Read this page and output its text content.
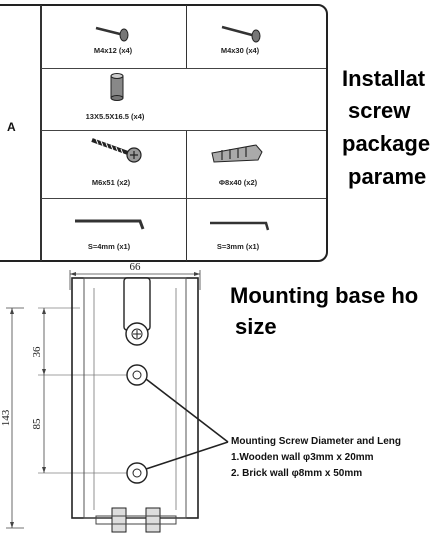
A
M4x12 (x4)	M4x30 (x4)
13X5.5X16.5 (x4)
M6x51 (x2)	Φ8x40 (x2)
S=4mm (x1)	S=3mm (x1)
Installat
screw
package
parame
Mounting base ho
size
66
143
36
85
Mounting Screw Diameter and Leng
1.Wooden wall φ3mm x 20mm
2. Brick wall φ8mm x 50mm
